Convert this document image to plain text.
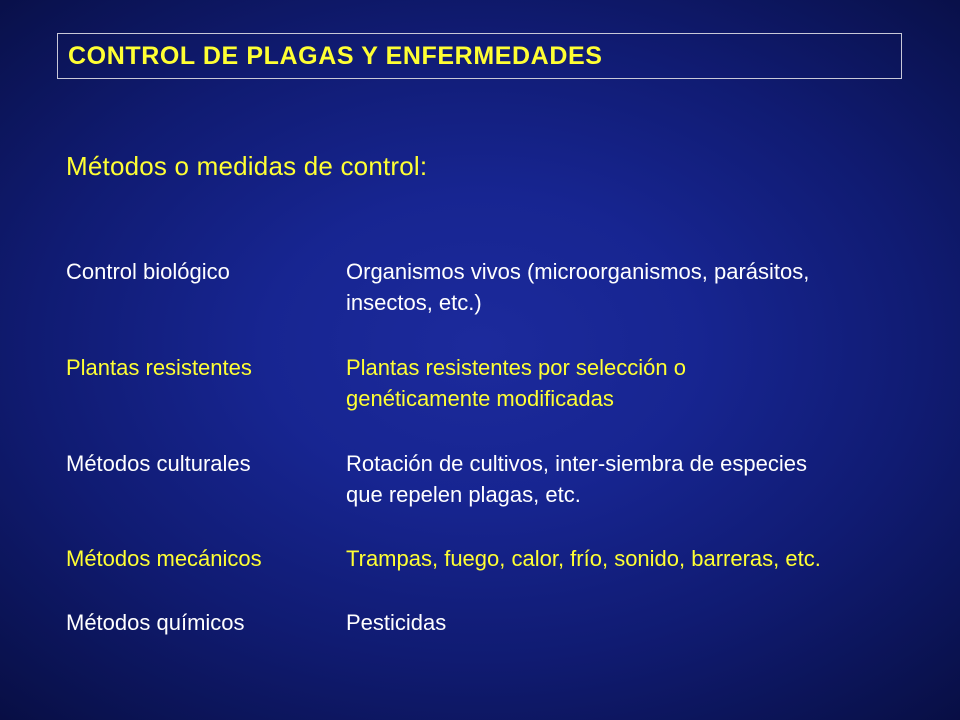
CONTROL DE PLAGAS Y ENFERMEDADES
Métodos o medidas de control:
Control biológico	Organismos vivos (microorganismos, parásitos,
insectos, etc.)
Plantas resistentes	Plantas resistentes por selección o
genéticamente modificadas
Métodos culturales	Rotación de cultivos, inter-siembra de especies
que repelen plagas, etc.
Métodos mecánicos	Trampas, fuego, calor, frío, sonido, barreras, etc.
Métodos químicos	Pesticidas
